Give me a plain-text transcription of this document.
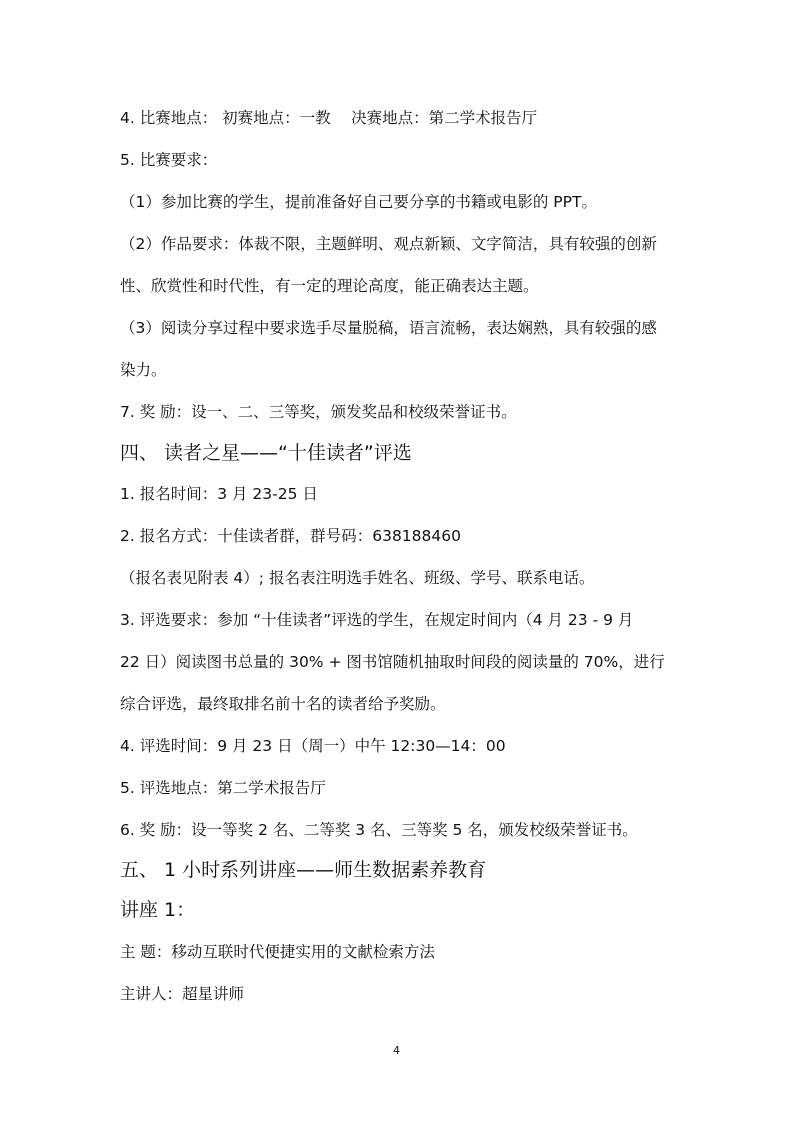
4. 比赛地点： 初赛地点：一教　 决赛地点：第二学术报告厅
5. 比赛要求：
（1）参加比赛的学生，提前准备好自己要分享的书籍或电影的 PPT。
（2）作品要求：体裁不限，主题鲜明、观点新颖、文字简洁，具有较强的创新
性、欣赏性和时代性，有一定的理论高度，能正确表达主题。
（3）阅读分享过程中要求选手尽量脱稿，语言流畅，表达娴熟，具有较强的感
染力。
7. 奖 励：设一、二、三等奖，颁发奖品和校级荣誉证书。
四、 读者之星——“十佳读者”评选
1. 报名时间：3 月 23-25 日
2. 报名方式：十佳读者群，群号码：638188460
（报名表见附表 4）; 报名表注明选手姓名、班级、学号、联系电话。
3. 评选要求：参加 “十佳读者”评选的学生，在规定时间内（4 月 23 - 9 月
22 日）阅读图书总量的 30% + 图书馆随机抽取时间段的阅读量的 70%，进行
综合评选，最终取排名前十名的读者给予奖励。
4. 评选时间：9 月 23 日（周一）中午 12:30—14：00
5. 评选地点：第二学术报告厅
6. 奖 励：设一等奖 2 名、二等奖 3 名、三等奖 5 名，颁发校级荣誉证书。
五、 1 小时系列讲座——师生数据素养教育
讲座 1：
主 题：移动互联时代便捷实用的文献检索方法
主讲人：超星讲师
4
